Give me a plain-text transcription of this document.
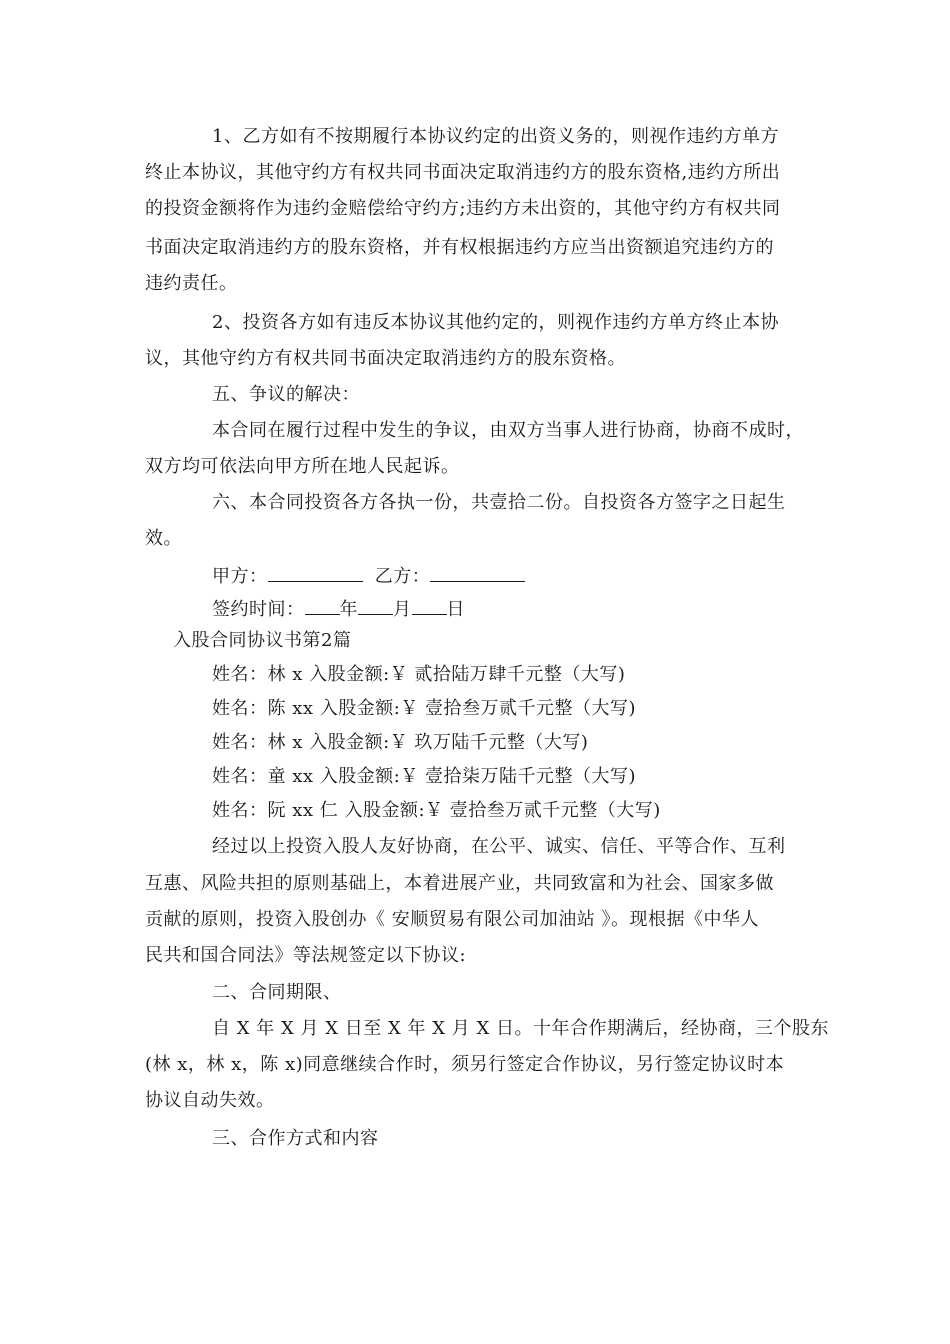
1、乙方如有不按期履行本协议约定的出资义务的，则视作违约方单方
终止本协议，其他守约方有权共同书面决定取消违约方的股东资格,违约方所出
的投资金额将作为违约金赔偿给守约方;违约方未出资的，其他守约方有权共同
书面决定取消违约方的股东资格，并有权根据违约方应当出资额追究违约方的
违约责任。
2、投资各方如有违反本协议其他约定的，则视作违约方单方终止本协
议，其他守约方有权共同书面决定取消违约方的股东资格。
五、争议的解决：
本合同在履行过程中发生的争议，由双方当事人进行协商，协商不成时，
双方均可依法向甲方所在地人民起诉。
六、本合同投资各方各执一份，共壹拾二份。自投资各方签字之日起生
效。
甲方：	乙方：
签约时间： 年 月 日
入股合同协议书第2篇
姓名：林 x 入股金额:￥ 贰拾陆万肆千元整（大写)
姓名：陈 xx 入股金额:￥ 壹拾叁万贰千元整（大写)
姓名：林 x 入股金额:￥ 玖万陆千元整（大写)
姓名：童 xx 入股金额:￥ 壹拾柒万陆千元整（大写)
姓名：阮 xx 仁 入股金额:￥ 壹拾叁万贰千元整（大写)
经过以上投资入股人友好协商，在公平、诚实、信任、平等合作、互利
互惠、风险共担的原则基础上，本着进展产业，共同致富和为社会、国家多做
贡献的原则，投资入股创办《 安顺贸易有限公司加油站 》。现根据《中华人
民共和国合同法》等法规签定以下协议:
二、合同期限、
自 X 年 X 月 X 日至 X 年 X 月 X 日。十年合作期满后，经协商，三个股东
(林 x，林 x，陈 x)同意继续合作时，须另行签定合作协议，另行签定协议时本
协议自动失效。
三、合作方式和内容
